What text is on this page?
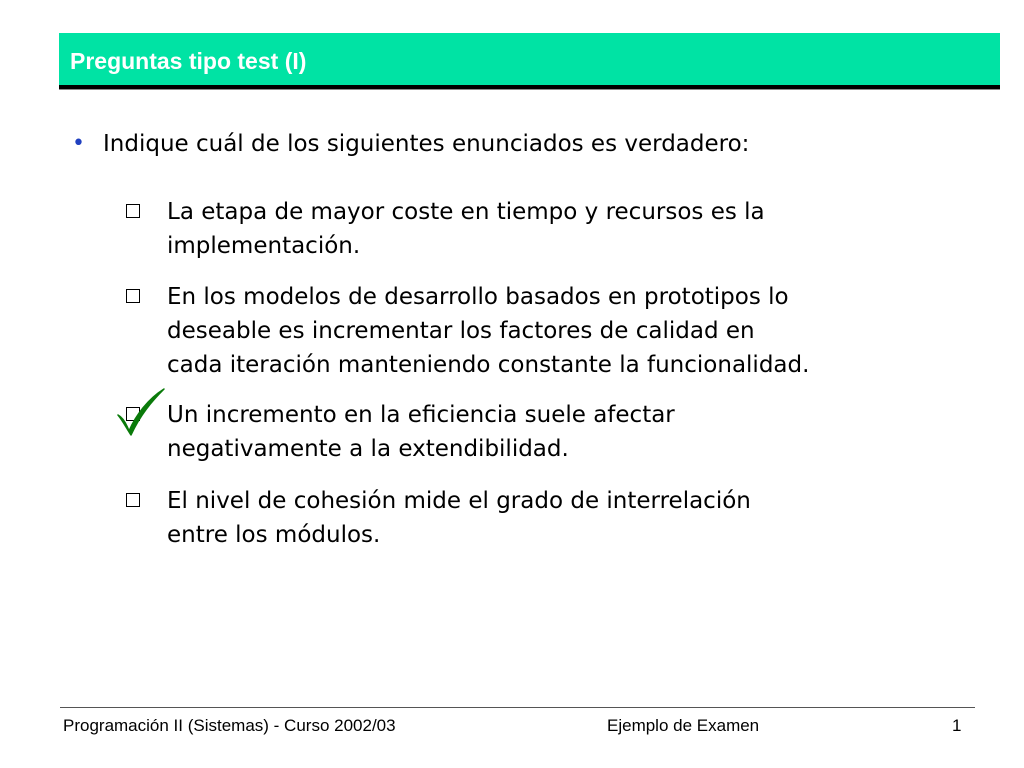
Preguntas tipo test (I)
• Indique cuál de los siguientes enunciados es verdadero:
La etapa de mayor coste en tiempo y recursos es la
implementación.
En los modelos de desarrollo basados en prototipos lo
deseable es incrementar los factores de calidad en
cada iteración manteniendo constante la funcionalidad.
Un incremento en la eficiencia suele afectar
negativamente a la extendibilidad.
El nivel de cohesión mide el grado de interrelación
entre los módulos.
Programación II (Sistemas) - Curso 2002/03	Ejemplo de Examen	1
